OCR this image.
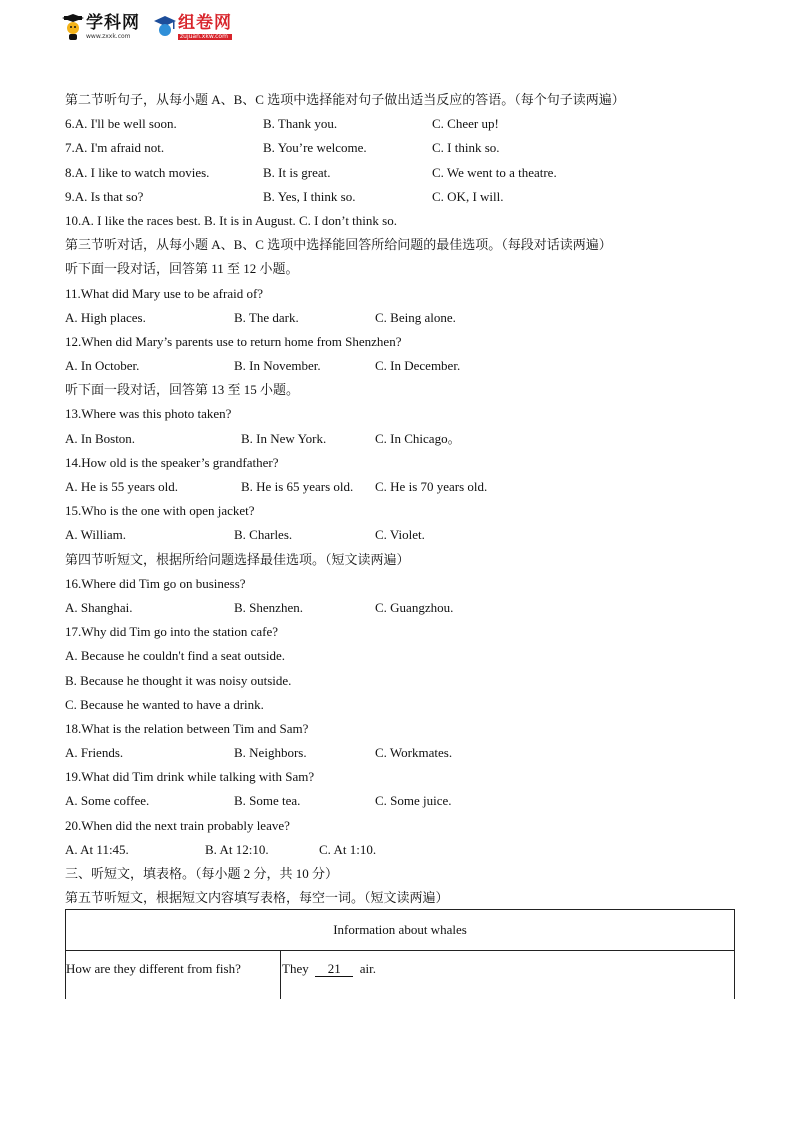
学科网
www.zxxk.com
组卷网
zujuan.xkw.com
第二节听句子，从每小题 A、B、C 选项中选择能对句子做出适当反应的答语。（每个句子读两遍）
6.A. I'll be well soon.	B. Thank you.	C. Cheer up!
7.A. I'm afraid not.	B. You’re welcome.	C. I think so.
8.A. I like to watch movies.	B. It is great.	C. We went to a theatre.
9.A. Is that so?	B. Yes, I think so.	C. OK, I will.
10.A. I like the races best. B. It is in August. C. I don’t think so.
第三节听对话，从每小题 A、B、C 选项中选择能回答所给问题的最佳选项。（每段对话读两遍）
听下面一段对话，回答第 11 至 12 小题。
11.What did Mary use to be afraid of?
A. High places.	B. The dark.	C. Being alone.
12.When did Mary’s parents use to return home from Shenzhen?
A. In October.	B. In November.	C. In December.
听下面一段对话，回答第 13 至 15 小题。
13.Where was this photo taken?
A. In Boston.	B. In New York.	C. In Chicago。
14.How old is the speaker’s grandfather?
A. He is 55 years old.	B. He is 65 years old. C. He is 70 years old.
15.Who is the one with open jacket?
A. William.	B. Charles.	C. Violet.
第四节听短文，根据所给问题选择最佳选项。（短文读两遍）
16.Where did Tim go on business?
A. Shanghai.	B. Shenzhen.	C. Guangzhou.
17.Why did Tim go into the station cafe?
A. Because he couldn't find a seat outside.
B. Because he thought it was noisy outside.
C. Because he wanted to have a drink.
18.What is the relation between Tim and Sam?
A. Friends.	B. Neighbors.	C. Workmates.
19.What did Tim drink while talking with Sam?
A. Some coffee.	B. Some tea.	C. Some juice.
20.When did the next train probably leave?
A. At 11:45.	B. At 12:10.	C. At 1:10.
三、听短文，填表格。（每小题 2 分，共 10 分）
第五节听短文，根据短文内容填写表格，每空一词。（短文读两遍）
Information about whales
How are they different from fish?	They 21 air.
